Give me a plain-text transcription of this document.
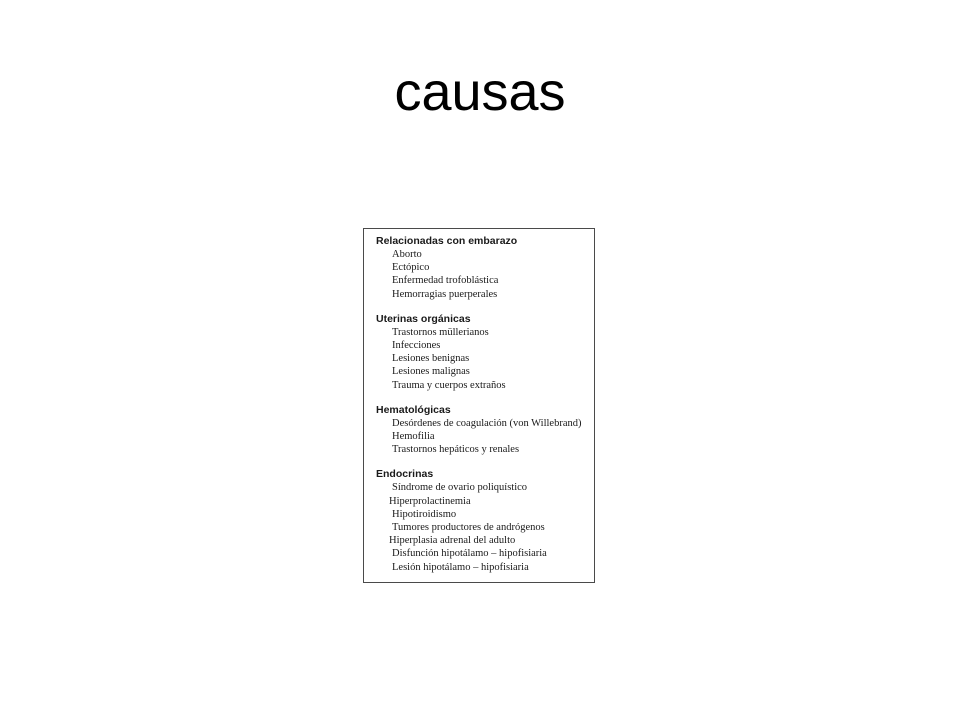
causas
Relacionadas con embarazo
Aborto
Ectópico
Enfermedad trofoblástica
Hemorragias puerperales
Uterinas orgánicas
Trastornos müllerianos
Infecciones
Lesiones benignas
Lesiones malignas
Trauma y cuerpos extraños
Hematológicas
Desórdenes de coagulación (von Willebrand)
Hemofilia
Trastornos hepáticos y renales
Endocrinas
Síndrome de ovario poliquístico
Hiperprolactinemia
Hipotiroidismo
Tumores productores de andrógenos
Hiperplasia adrenal del adulto
Disfunción hipotálamo – hipofisiaria
Lesión hipotálamo – hipofisiaria
